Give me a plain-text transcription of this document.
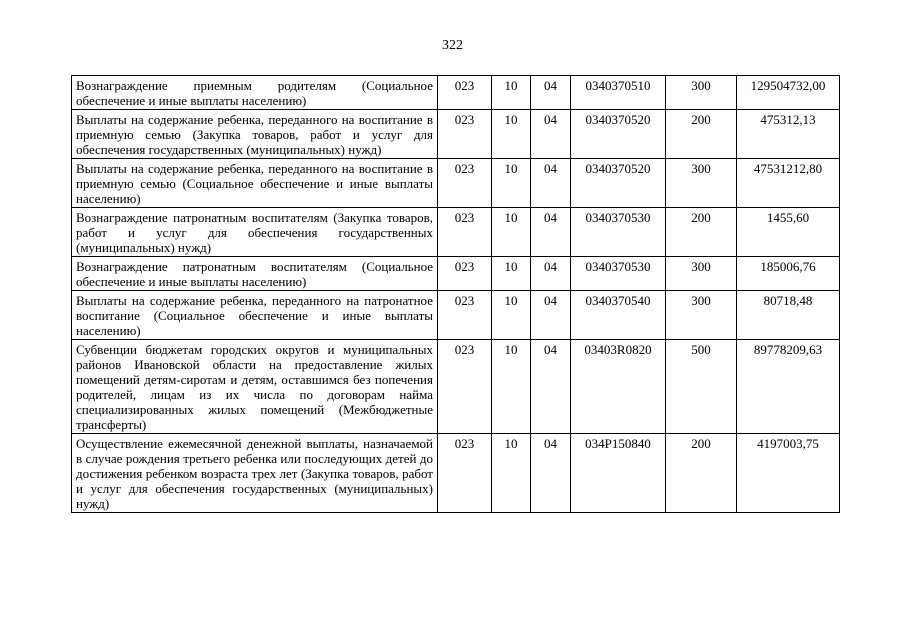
322
Вознаграждение приемным родителям (Социальное обеспечение и иные выплаты населению)	023	10	04	0340370510	300	129504732,00
Выплаты на содержание ребенка, переданного на воспитание в приемную семью (Закупка товаров, работ и услуг для обеспечения государственных (муниципальных) нужд)	023	10	04	0340370520	200	475312,13
Выплаты на содержание ребенка, переданного на воспитание в приемную семью (Социальное обеспечение и иные выплаты населению)	023	10	04	0340370520	300	47531212,80
Вознаграждение патронатным воспитателям (Закупка товаров, работ и услуг для обеспечения государственных (муниципальных) нужд)	023	10	04	0340370530	200	1455,60
Вознаграждение патронатным воспитателям (Социальное обеспечение и иные выплаты населению)	023	10	04	0340370530	300	185006,76
Выплаты на содержание ребенка, переданного на патронатное воспитание (Социальное обеспечение и иные выплаты населению)	023	10	04	0340370540	300	80718,48
Субвенции бюджетам городских округов и муниципальных районов Ивановской области на предоставление жилых помещений детям-сиротам и детям, оставшимся без попечения родителей, лицам из их числа по договорам найма специализированных жилых помещений (Межбюджетные трансферты)	023	10	04	03403R0820	500	89778209,63
Осуществление ежемесячной денежной выплаты, назначаемой в случае рождения третьего ребенка или последующих детей до достижения ребенком возраста трех лет (Закупка товаров, работ и услуг для обеспечения государственных (муниципальных) нужд)	023	10	04	034P150840	200	4197003,75
